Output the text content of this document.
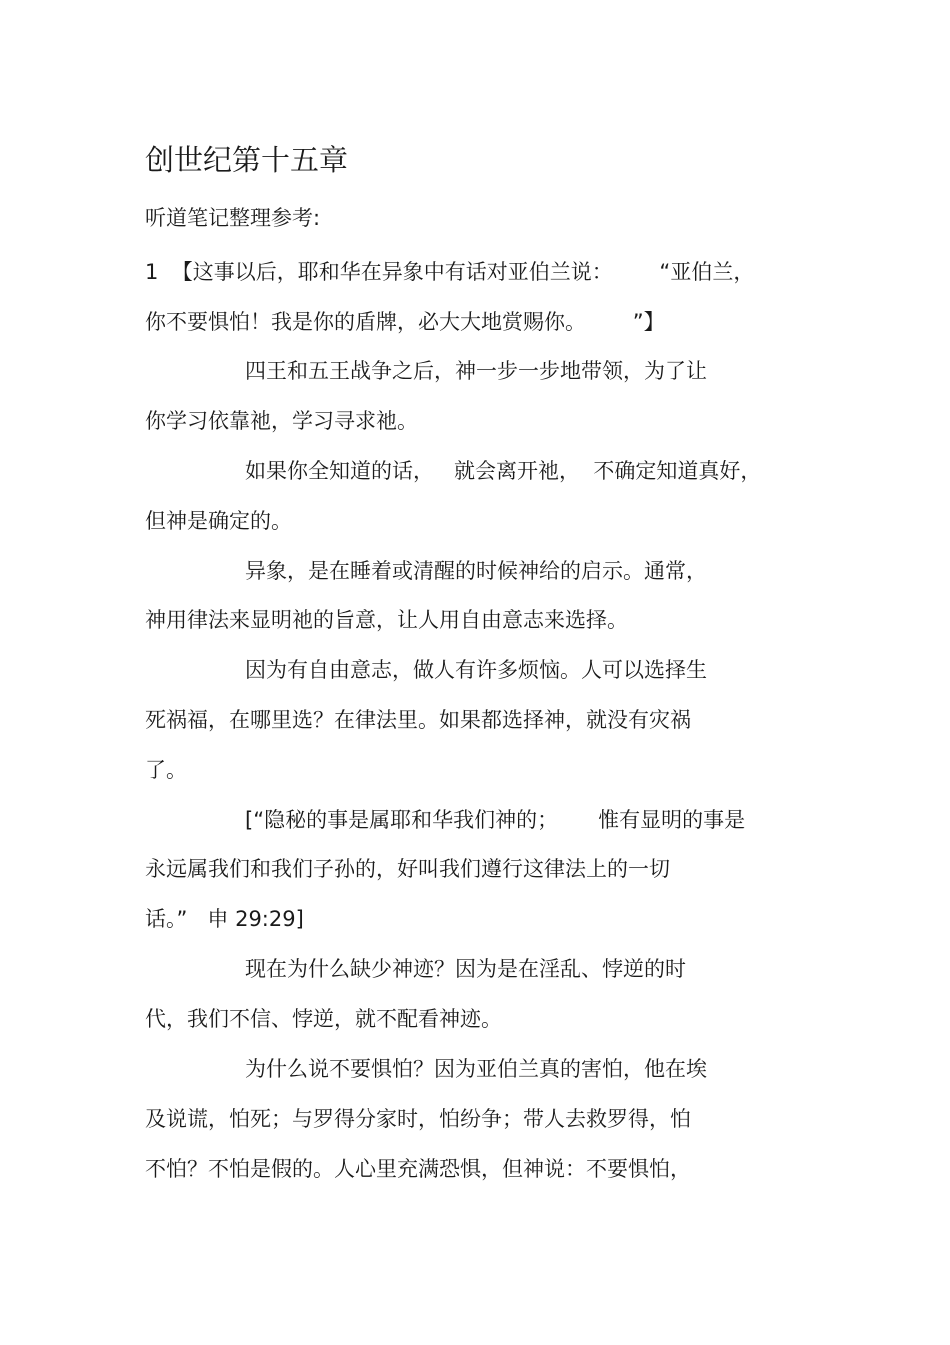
创世纪第十五章

听道笔记整理参考:

1  【这事以后，耶和华在异象中有话对亚伯兰说：       “亚伯兰，

你不要惧怕！我是你的盾牌，必大大地赏赐你。       ”】

四王和五王战争之后，神一步一步地带领，为了让

你学习依靠祂，学习寻求祂。

如果你全知道的话，   就会离开祂，  不确定知道真好，

但神是确定的。

异象，是在睡着或清醒的时候神给的启示。通常，

神用律法来显明祂的旨意，让人用自由意志来选择。

因为有自由意志，做人有许多烦恼。人可以选择生

死祸福，在哪里选？在律法里。如果都选择神，就没有灾祸

了。

[“隐秘的事是属耶和华我们神的；      惟有显明的事是

永远属我们和我们子孙的，好叫我们遵行这律法上的一切

话。”   申 29:29]

现在为什么缺少神迹？因为是在淫乱、悖逆的时

代，我们不信、悖逆，就不配看神迹。

为什么说不要惧怕？因为亚伯兰真的害怕，他在埃

及说谎，怕死；与罗得分家时，怕纷争；带人去救罗得，怕

不怕？不怕是假的。人心里充满恐惧，但神说：不要惧怕，
